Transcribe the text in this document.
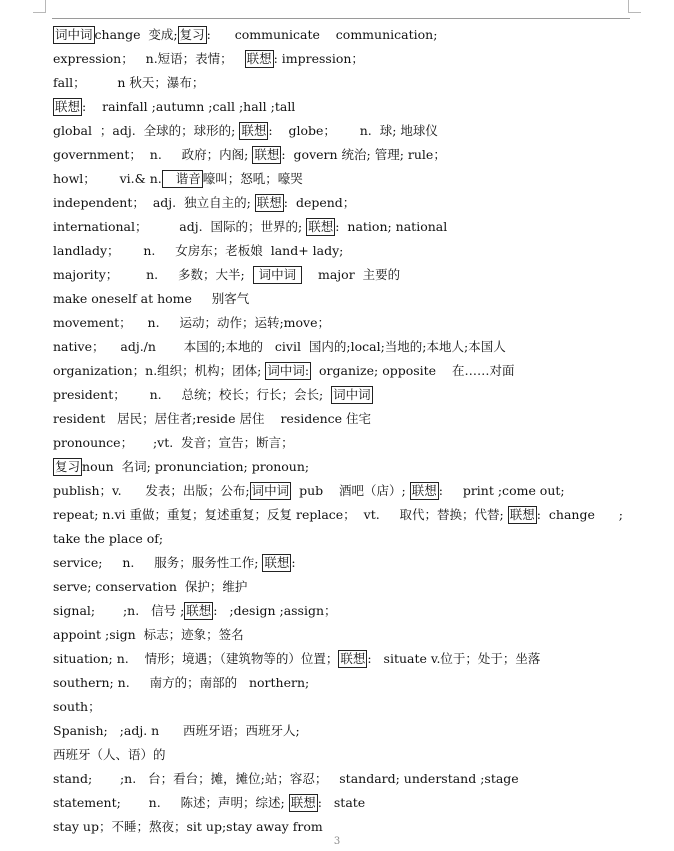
词中词 change  变成; 复习 :      communicate    communication;
expression；   n.短语；表情；   联想 : impression；
fall；        n 秋天；瀑布；
联想 :    rainfall ;autumn ;call ;hall ;tall
global  ；adj.  全球的；球形的; 联想 :    globe；      n.  球; 地球仪
government；  n.     政府；内阁; 联想 :  govern 统治; 管理; rule；
howl；      vi.& n.   谐音 嚎叫；怒吼；嚎哭
independent；  adj.  独立自主的; 联想 :  depend；
international；        adj.  国际的；世界的; 联想 :  nation; national
landlady；      n.     女房东；老板娘  land+ lady;
majority；       n.     多数；大半;   词中词     major  主要的
make oneself at home     别客气
movement；    n.     运动；动作；运转;move；
native；    adj./n       本国的;本地的   civil  国内的;local;当地的;本地人;本国人
organization；n.组织；机构；团体; 词中词:  organize; opposite    在……对面
president；      n.     总统；校长；行长；会长;  词中词resident   居民；居住者;reside 居住    residence 住宅
pronounce；     ;vt.  发音；宣告；断言；
复习 noun  名词; pronunciation; pronoun;
publish；v.      发表；出版；公布; 词中词  pub    酒吧（店）; 联想 :     print ;come out;
repeat; n.vi 重做；重复；复述重复；反复 replace；  vt.     取代；替换；代替; 联想 :  change      ;
take the place of;
service;     n.     服务；服务性工作; 联想 :
serve; conservation  保护；维护
signal;       ;n.   信号 ; 联想 :   ;design ;assign；
appoint ;sign  标志；迹象；签名
situation; n.    情形；境遇；（建筑物等的）位置； 联想 :   situate v.位于；处于；坐落
southern; n.     南方的；南部的   northern;
south；
Spanish;   ;adj. n      西班牙语；西班牙人;
西班牙（人、语）的
stand;       ;n.   台；看台；摊，摊位;站；容忍；   standard; understand ;stage
statement;       n.     陈述；声明；综述; 联想 :   state
stay up；不睡；熬夜；sit up;stay away from
3
